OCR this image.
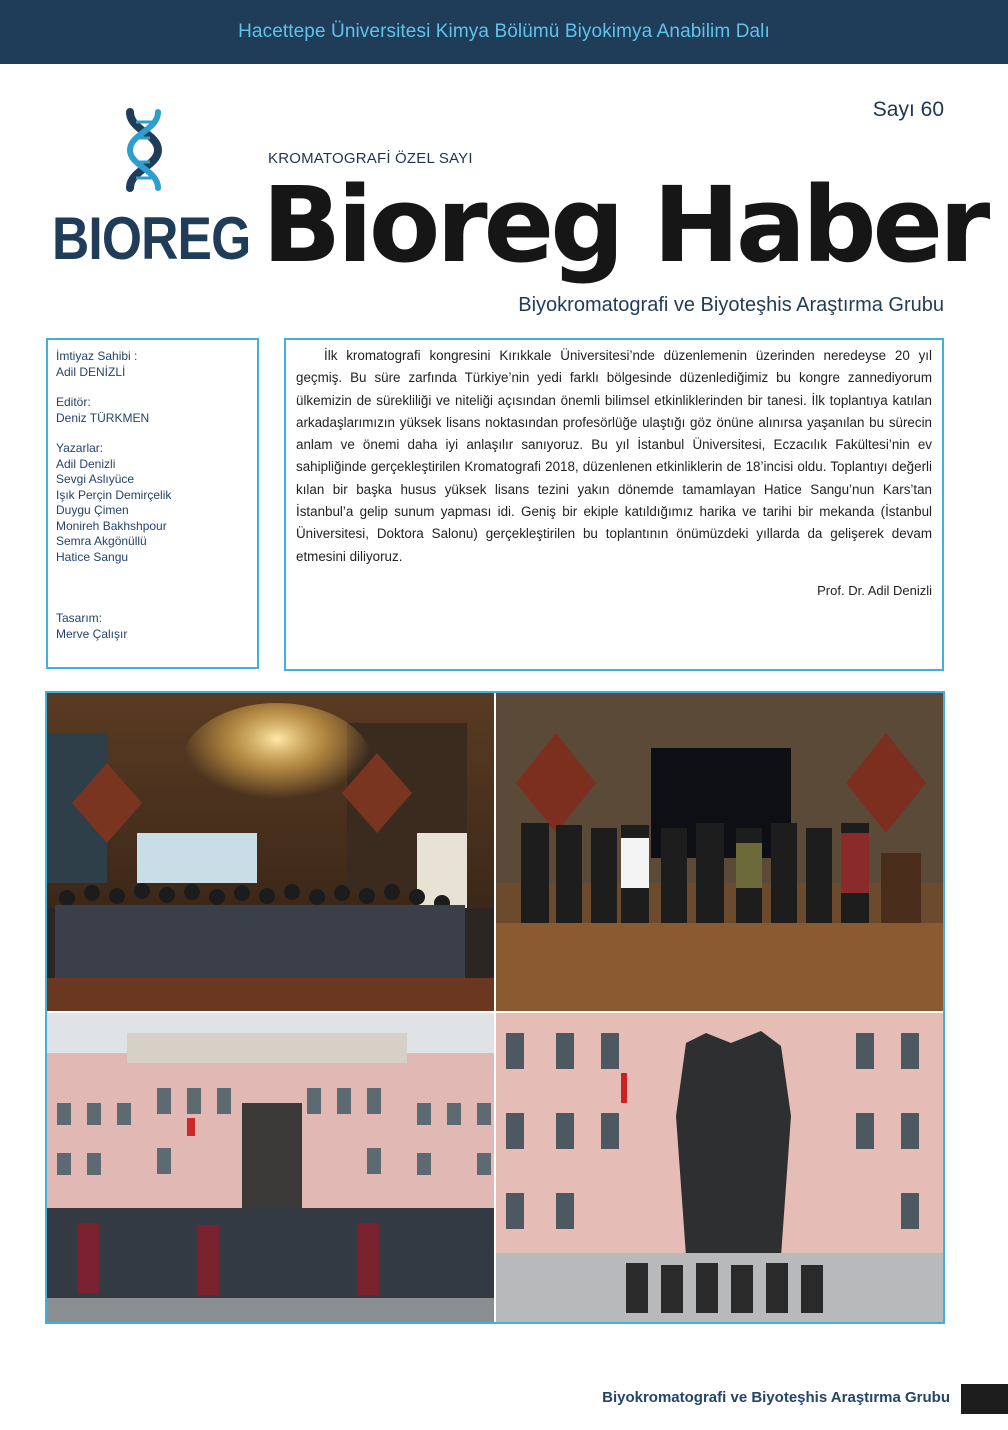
Hacettepe Üniversitesi Kimya Bölümü Biyokimya Anabilim Dalı
Sayı 60
BIOREG
KROMATOGRAFİ ÖZEL SAYI
Bioreg Haber
Biyokromatografi ve Biyoteşhis Araştırma Grubu
İmtiyaz Sahibi :
Adil DENİZLİ
Editör:
Deniz TÜRKMEN
Yazarlar:
Adil Denizli
Sevgi Aslıyüce
Işık Perçin Demirçelik
Duygu Çimen
Monireh Bakhshpour
Semra Akgönüllü
Hatice Sangu
Tasarım:
Merve Çalışır

İlk kromatografi kongresini Kırıkkale Üniversitesi’nde düzenlemenin üzerinden neredeyse 20 yıl geçmiş. Bu süre zarfında Türkiye’nin yedi farklı bölgesinde düzenlediğimiz bu kongre zannediyorum ülkemizin de sürekliliği ve niteliği açısından önemli bilimsel etkinliklerinden bir tanesi. İlk toplantıya katılan arkadaşlarımızın yüksek lisans noktasından profesörlüğe ulaştığı göz önüne alınırsa yaşanılan bu sürecin anlam ve önemi daha iyi anlaşılır sanıyoruz. Bu yıl İstanbul Üniversitesi, Eczacılık Fakültesi’nin ev sahipliğinde gerçekleştirilen Kromatografi 2018, düzenlenen etkinliklerin de 18’incisi oldu. Toplantıyı değerli kılan bir başka husus yüksek lisans tezini yakın dönemde tamamlayan Hatice Sangu’nun Kars’tan İstanbul’a gelip sunum yapması idi. Geniş bir ekiple katıldığımız harika ve tarihi bir mekanda (İstanbul Üniversitesi, Doktora Salonu) gerçekleştirilen bu toplantının önümüzdeki yıllarda da gelişerek devam etmesini diliyoruz.

Prof. Dr. Adil Denizli
Biyokromatografi ve Biyoteşhis Araştırma Grubu
